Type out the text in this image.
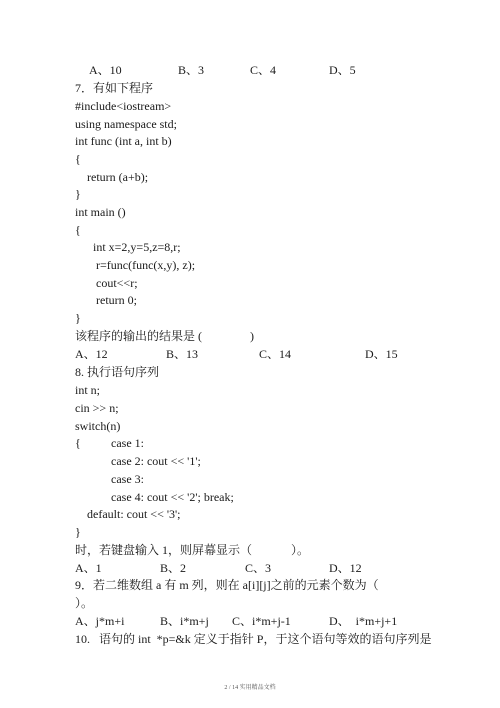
A、10	B、3	C、4	D、5
7．有如下程序
#include<iostream>
using namespace std;
int func (int a, int b)
{
return (a+b);
}
int main ()
{
int x=2,y=5,z=8,r;
r=func(func(x,y), z);
cout<<r;
return 0;
}
该程序的输出的结果是 (                )
A、12	B、13	C、14	D、15
8. 执行语句序列
int n;
cin >> n;
switch(n)
{	case 1:
case 2: cout << '1';
case 3:
case 4: cout << '2'; break;
default: cout << '3';
}
时，若键盘输入 1，则屏幕显示（             ）。
A、1	B、2	C、3	D、12
9．若二维数组 a 有 m 列，则在 a[i][j]之前的元素个数为（
）。
A、j*m+i	B、i*m+j C、i*m+j-1	D、  i*m+j+1
10.   语句的 int  *p=&k 定义于指针 P，于这个语句等效的语句序列是
2 / 14 实用精品文档
